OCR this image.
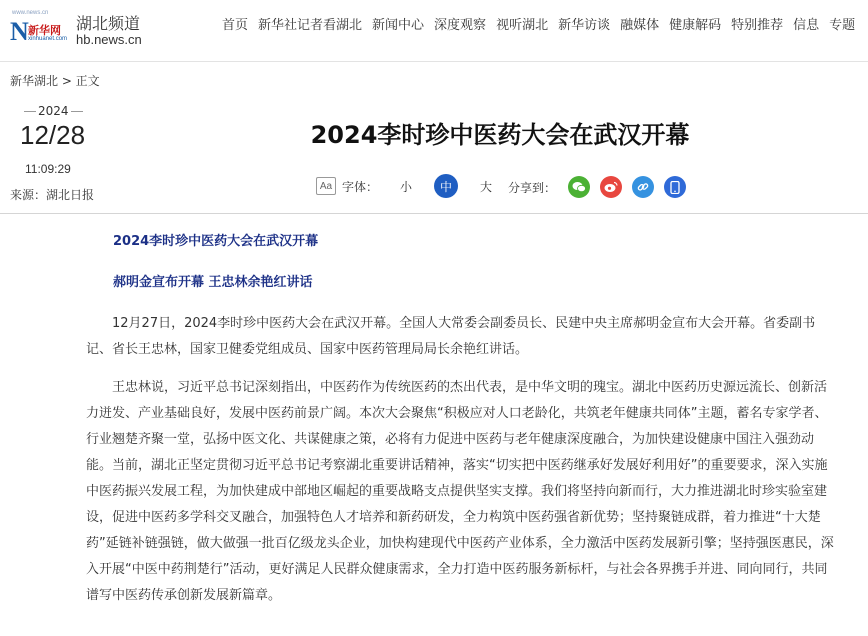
www.news.cn
N 新华网
xinhuanet.com
湖北频道
hb.news.cn
首页 新华社记者看湖北 新闻中心 深度观察 视听湖北 新华访谈 融媒体 健康解码 特别推荐 信息 专题
新华湖北 > 正文
2024
12/28
11:09:29
来源：湖北日报
2024李时珍中医药大会在武汉开幕
Aa 字体：	小	中	大	分享到：

2024李时珍中医药大会在武汉开幕

郝明金宣布开幕 王忠林余艳红讲话

12月27日，2024李时珍中医药大会在武汉开幕。全国人大常委会副委员长、民建中央主席郝明金宣布大会开幕。省委副书记、省长王忠林，国家卫健委党组成员、国家中医药管理局局长余艳红讲话。

王忠林说，习近平总书记深刻指出，中医药作为传统医药的杰出代表，是中华文明的瑰宝。湖北中医药历史源远流长、创新活力迸发、产业基础良好，发展中医药前景广阔。本次大会聚焦“积极应对人口老龄化，共筑老年健康共同体”主题，蓄名专家学者、行业翘楚齐聚一堂，弘扬中医文化、共谋健康之策，必将有力促进中医药与老年健康深度融合，为加快建设健康中国注入强劲动能。当前，湖北正坚定贯彻习近平总书记考察湖北重要讲话精神，落实“切实把中医药继承好发展好利用好”的重要要求，深入实施中医药振兴发展工程，为加快建成中部地区崛起的重要战略支点提供坚实支撑。我们将坚持向新而行，大力推进湖北时珍实验室建设，促进中医药多学科交叉融合，加强特色人才培养和新药研发，全力构筑中医药强省新优势；坚持聚链成群，着力推进“十大楚药”延链补链强链，做大做强一批百亿级龙头企业，加快构建现代中医药产业体系，全力激活中医药发展新引擎；坚持强医惠民，深入开展“中医中药荆楚行”活动，更好满足人民群众健康需求，全力打造中医药服务新标杆，与社会各界携手并进、同向同行，共同谱写中医药传承创新发展新篇章。
